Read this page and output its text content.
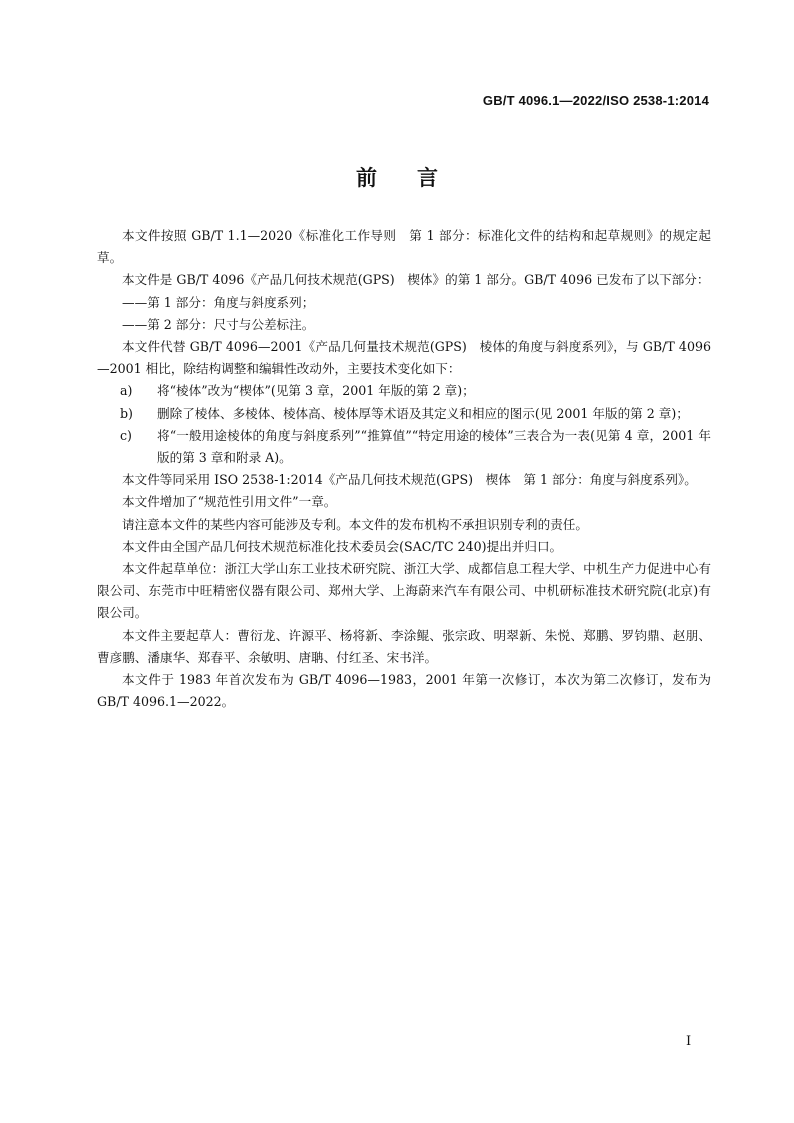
GB/T 4096.1—2022/ISO 2538-1:2014
前 言

本文件按照 GB/T 1.1—2020《标准化工作导则　第 1 部分：标准化文件的结构和起草规则》的规定起草。

本文件是 GB/T 4096《产品几何技术规范(GPS)　楔体》的第 1 部分。GB/T 4096 已发布了以下部分：

——第 1 部分：角度与斜度系列；

——第 2 部分：尺寸与公差标注。

本文件代替 GB/T 4096—2001《产品几何量技术规范(GPS)　棱体的角度与斜度系列》，与 GB/T 4096—2001 相比，除结构调整和编辑性改动外，主要技术变化如下：

a)	将“棱体”改为“楔体”(见第 3 章，2001 年版的第 2 章)；
b)	删除了棱体、多棱体、棱体高、棱体厚等术语及其定义和相应的图示(见 2001 年版的第 2 章)；
c)	将“一般用途棱体的角度与斜度系列”“推算值”“特定用途的棱体”三表合为一表(见第 4 章，2001 年版的第 3 章和附录 A)。

本文件等同采用 ISO 2538-1:2014《产品几何技术规范(GPS)　楔体　第 1 部分：角度与斜度系列》。

本文件增加了“规范性引用文件”一章。

请注意本文件的某些内容可能涉及专利。本文件的发布机构不承担识别专利的责任。

本文件由全国产品几何技术规范标准化技术委员会(SAC/TC 240)提出并归口。

本文件起草单位：浙江大学山东工业技术研究院、浙江大学、成都信息工程大学、中机生产力促进中心有限公司、东莞市中旺精密仪器有限公司、郑州大学、上海蔚来汽车有限公司、中机研标准技术研究院(北京)有限公司。

本文件主要起草人：曹衍龙、许源平、杨将新、李涂鲲、张宗政、明翠新、朱悦、郑鹏、罗钧鼎、赵朋、曹彦鹏、潘康华、郑春平、余敏明、唐聃、付红圣、宋书洋。

本文件于 1983 年首次发布为 GB/T 4096—1983，2001 年第一次修订，本次为第二次修订，发布为 GB/T 4096.1—2022。

I
